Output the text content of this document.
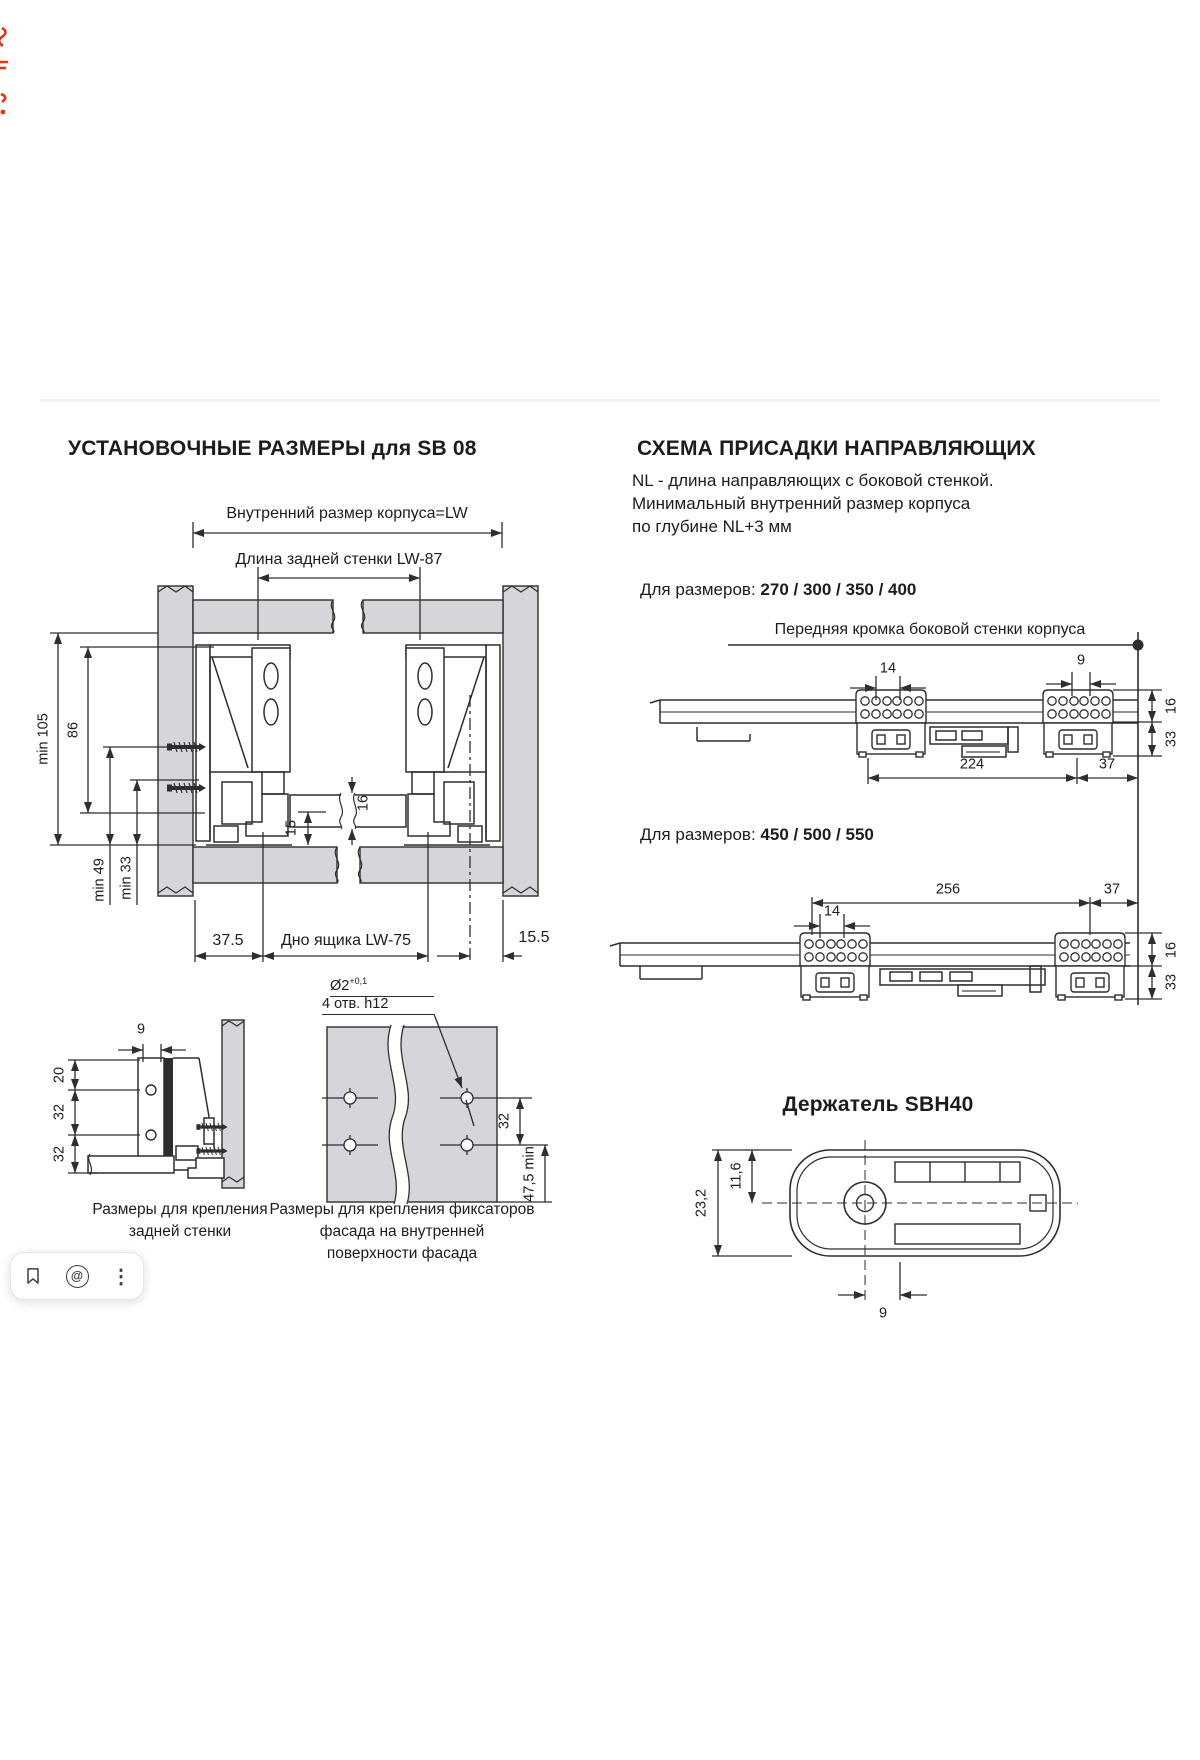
УСТАНОВОЧНЫЕ РАЗМЕРЫ для SB 08
Внутренний размер корпуса=LW
Длина задней стенки LW-87
min 105 86
min 49 min 33
15
16
37.5 Дно ящика LW-75	15.5
9
20
32
32
Размеры для крепления
задней стенки
$Ø2^{+0,1}$
4 отв. h12
32
47,5 min
Размеры для крепления фиксаторов
фасада на внутренней
поверхности фасада
СХЕМА ПРИСАДКИ НАПРАВЛЯЮЩИХ
NL - длина направляющих с боковой стенкой.
Минимальный внутренний размер корпуса
по глубине NL+3 мм
Для размеров: 270 / 300 / 350 / 400
Передняя кромка боковой стенки корпуса
14	9
16
33
224	37
Для размеров: 450 / 500 / 550
256	37
14
16
33
Держатель SBH40
23,2
11,6
9
@ ⋮
